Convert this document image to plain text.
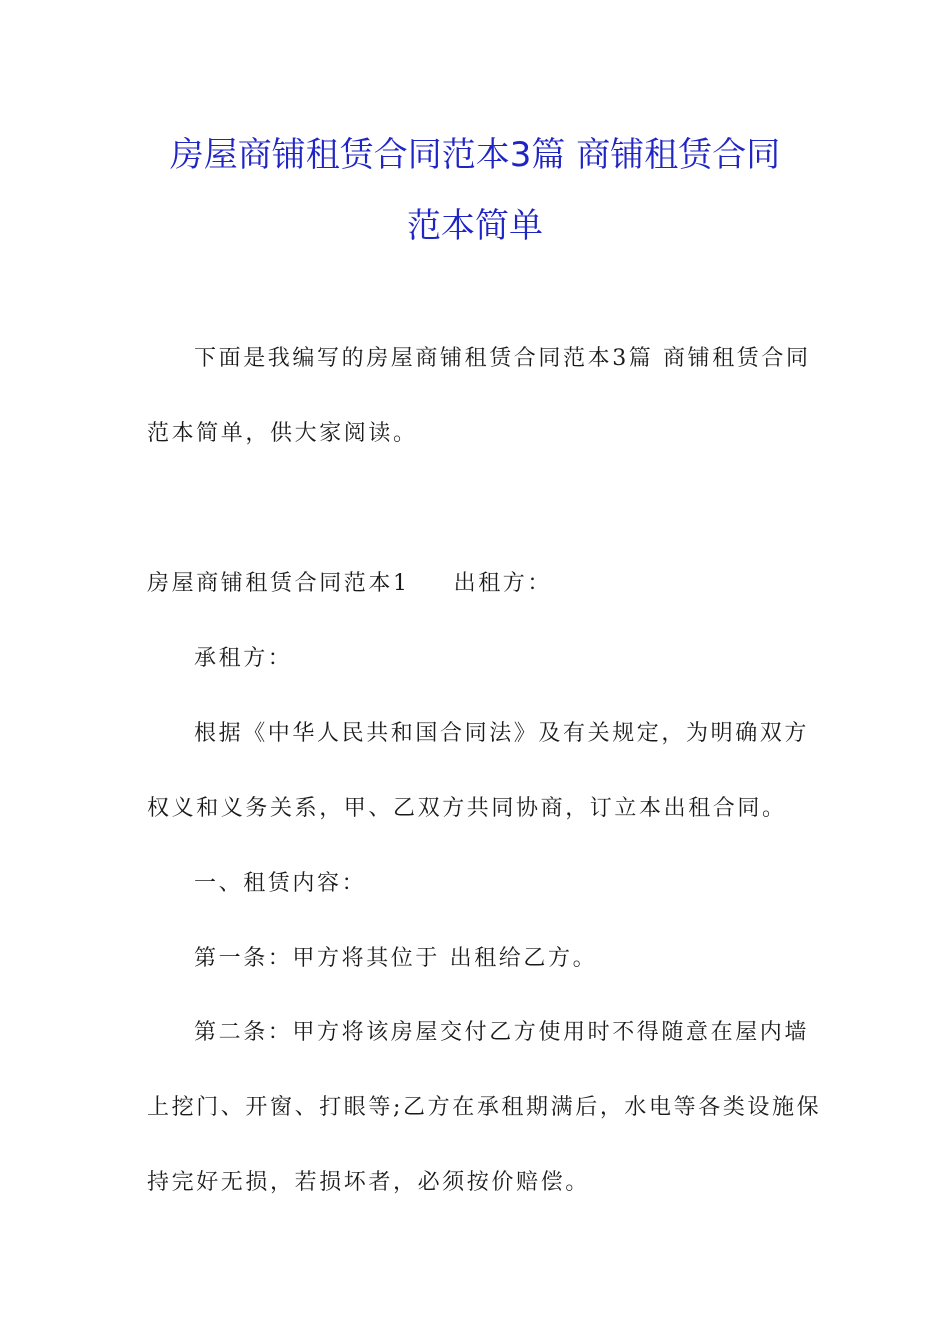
房屋商铺租赁合同范本3篇 商铺租赁合同
范本简单
下面是我编写的房屋商铺租赁合同范本3篇 商铺租赁合同
范本简单，供大家阅读。
房屋商铺租赁合同范本1 出租方：
承租方：
根据《中华人民共和国合同法》及有关规定，为明确双方
权义和义务关系，甲、乙双方共同协商，订立本出租合同。
一、租赁内容：
第一条：甲方将其位于 出租给乙方。
第二条：甲方将该房屋交付乙方使用时不得随意在屋内墙
上挖门、开窗、打眼等;乙方在承租期满后，水电等各类设施保
持完好无损，若损坏者，必须按价赔偿。
